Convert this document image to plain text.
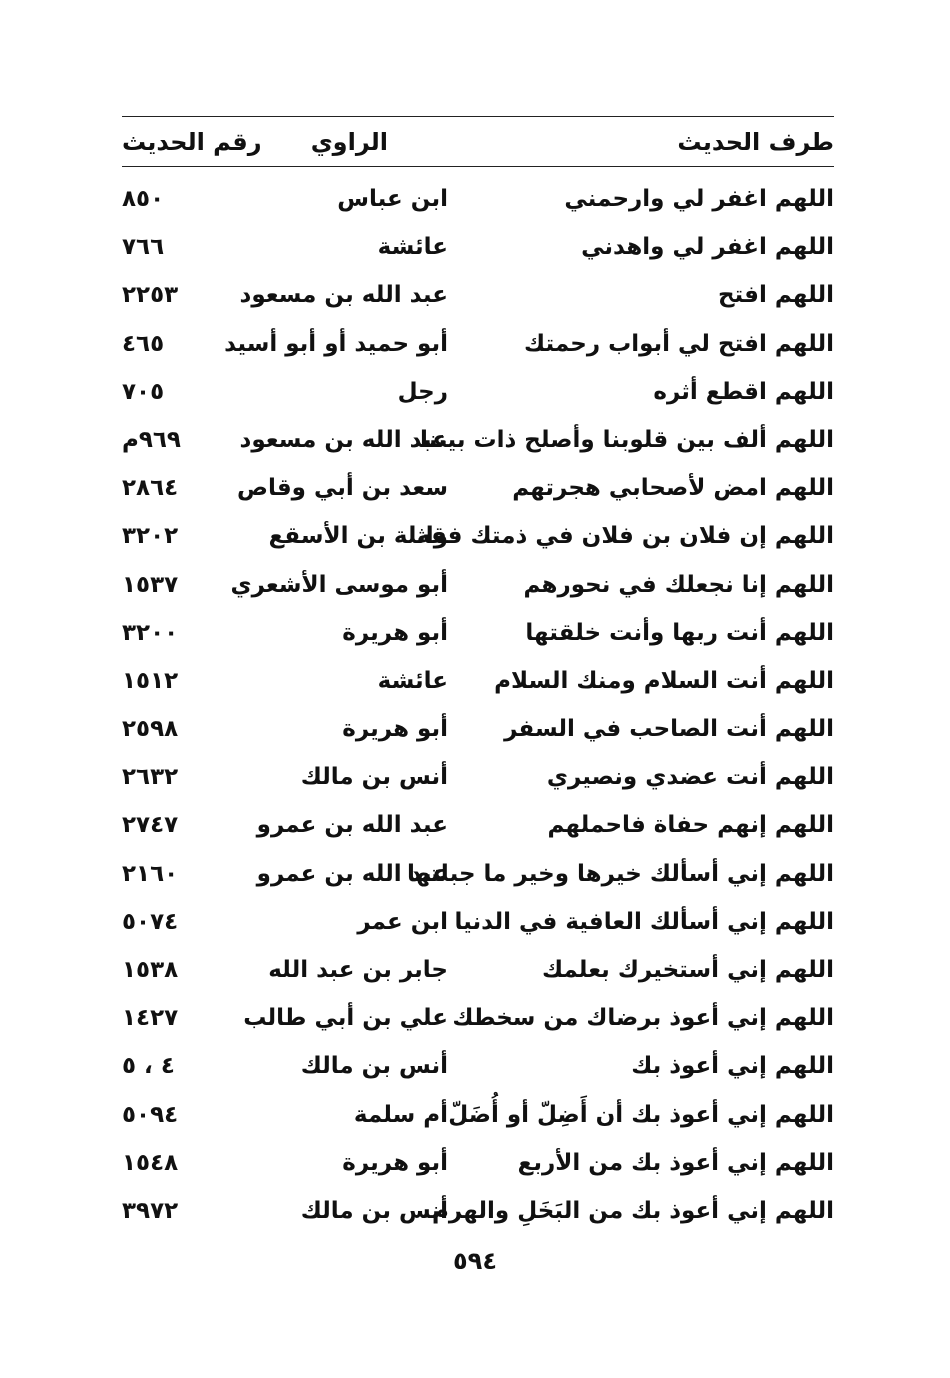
طرف الحديث
الراوي
رقم الحديث
اللهم اغفر لي وارحمني
ابن عباس
٨٥٠
اللهم اغفر لي واهدني
عائشة
٧٦٦
اللهم افتح
عبد الله بن مسعود
٢٢٥٣
اللهم افتح لي أبواب رحمتك
أبو حميد أو أبو أسيد
٤٦٥
اللهم اقطع أثره
رجل
٧٠٥
اللهم ألف بين قلوبنا وأصلح ذات بيننا
عبد الله بن مسعود
٩٦٩م
اللهم امض لأصحابي هجرتهم
سعد بن أبي وقاص
٢٨٦٤
اللهم إن فلان بن فلان في ذمتك فقه
واثلة بن الأسقع
٣٢٠٢
اللهم إنا نجعلك في نحورهم
أبو موسى الأشعري
١٥٣٧
اللهم أنت ربها وأنت خلقتها
أبو هريرة
٣٢٠٠
اللهم أنت السلام ومنك السلام
عائشة
١٥١٢
اللهم أنت الصاحب في السفر
أبو هريرة
٢٥٩٨
اللهم أنت عضدي ونصيري
أنس بن مالك
٢٦٣٢
اللهم إنهم حفاة فاحملهم
عبد الله بن عمرو
٢٧٤٧
اللهم إني أسألك خيرها وخير ما جبلتها
عبد الله بن عمرو
٢١٦٠
اللهم إني أسألك العافية في الدنيا
ابن عمر
٥٠٧٤
اللهم إني أستخيرك بعلمك
جابر بن عبد الله
١٥٣٨
اللهم إني أعوذ برضاك من سخطك
علي بن أبي طالب
١٤٢٧
اللهم إني أعوذ بك
أنس بن مالك
٤ ، ٥
اللهم إني أعوذ بك أن أَضِلّ أو أُضَلّ
أم سلمة
٥٠٩٤
اللهم إني أعوذ بك من الأربع
أبو هريرة
١٥٤٨
اللهم إني أعوذ بك من البَخَلِ والهرم
أنس بن مالك
٣٩٧٢
٥٩٤
